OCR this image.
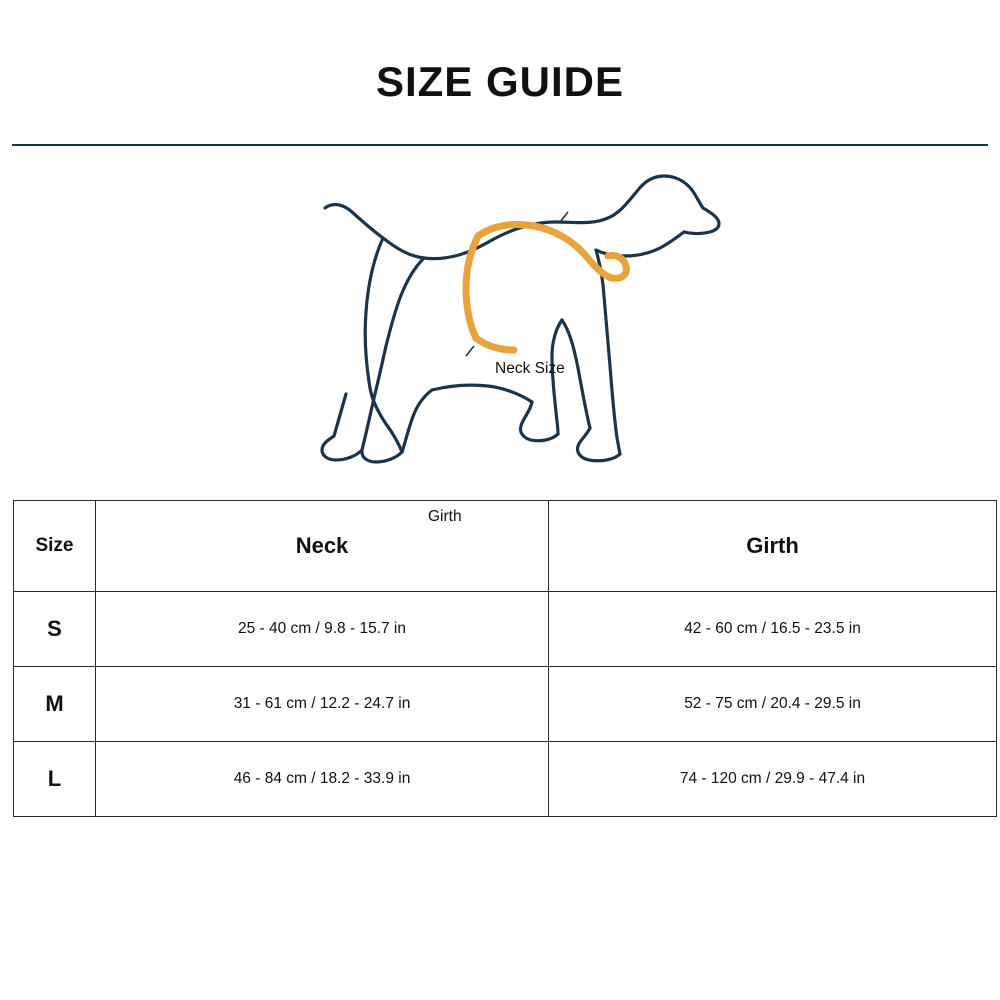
SIZE GUIDE
Neck Size
Girth
Size	Neck	Girth
S	25 - 40 cm / 9.8 - 15.7 in	42 - 60 cm / 16.5 - 23.5 in
M	31 - 61 cm / 12.2 - 24.7 in	52 - 75 cm / 20.4 - 29.5 in
L	46 - 84 cm / 18.2 - 33.9 in	74 - 120 cm / 29.9 - 47.4 in
